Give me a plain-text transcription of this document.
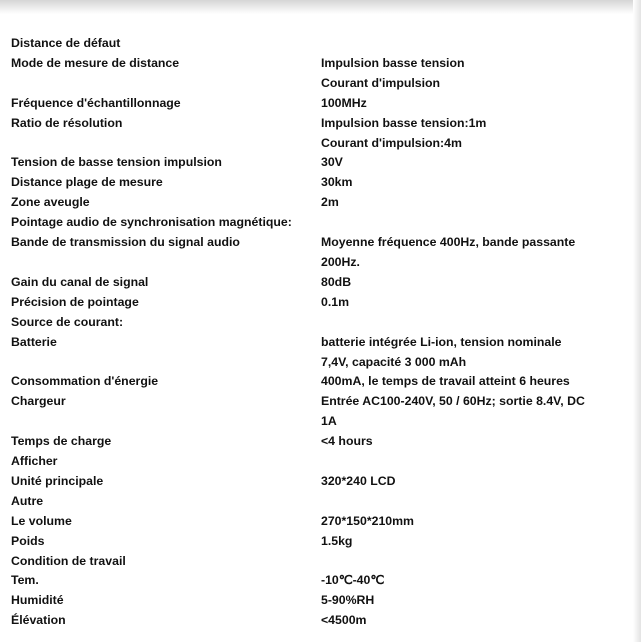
Distance de défaut
Mode de mesure de distance	Impulsion basse tension
Courant d'impulsion
Fréquence d'échantillonnage	100MHz
Ratio de résolution	Impulsion basse tension:1m
Courant d'impulsion:4m
Tension de basse tension impulsion	30V
Distance plage de mesure	30km
Zone aveugle	2m
Pointage audio de synchronisation magnétique:
Bande de transmission du signal audio	Moyenne fréquence 400Hz, bande passante
200Hz.
Gain du canal de signal	80dB
Précision de pointage	0.1m
Source de courant:
Batterie	batterie intégrée Li-ion, tension nominale
7,4V, capacité 3 000 mAh
Consommation d'énergie	400mA, le temps de travail atteint 6 heures
Chargeur	Entrée AC100-240V, 50 / 60Hz; sortie 8.4V, DC
1A
Temps de charge	<4 hours
Afficher
Unité principale	320*240 LCD
Autre
Le volume	270*150*210mm
Poids	1.5kg
Condition de travail
Tem.	-10℃-40℃
Humidité	5-90%RH
Élévation	<4500m
